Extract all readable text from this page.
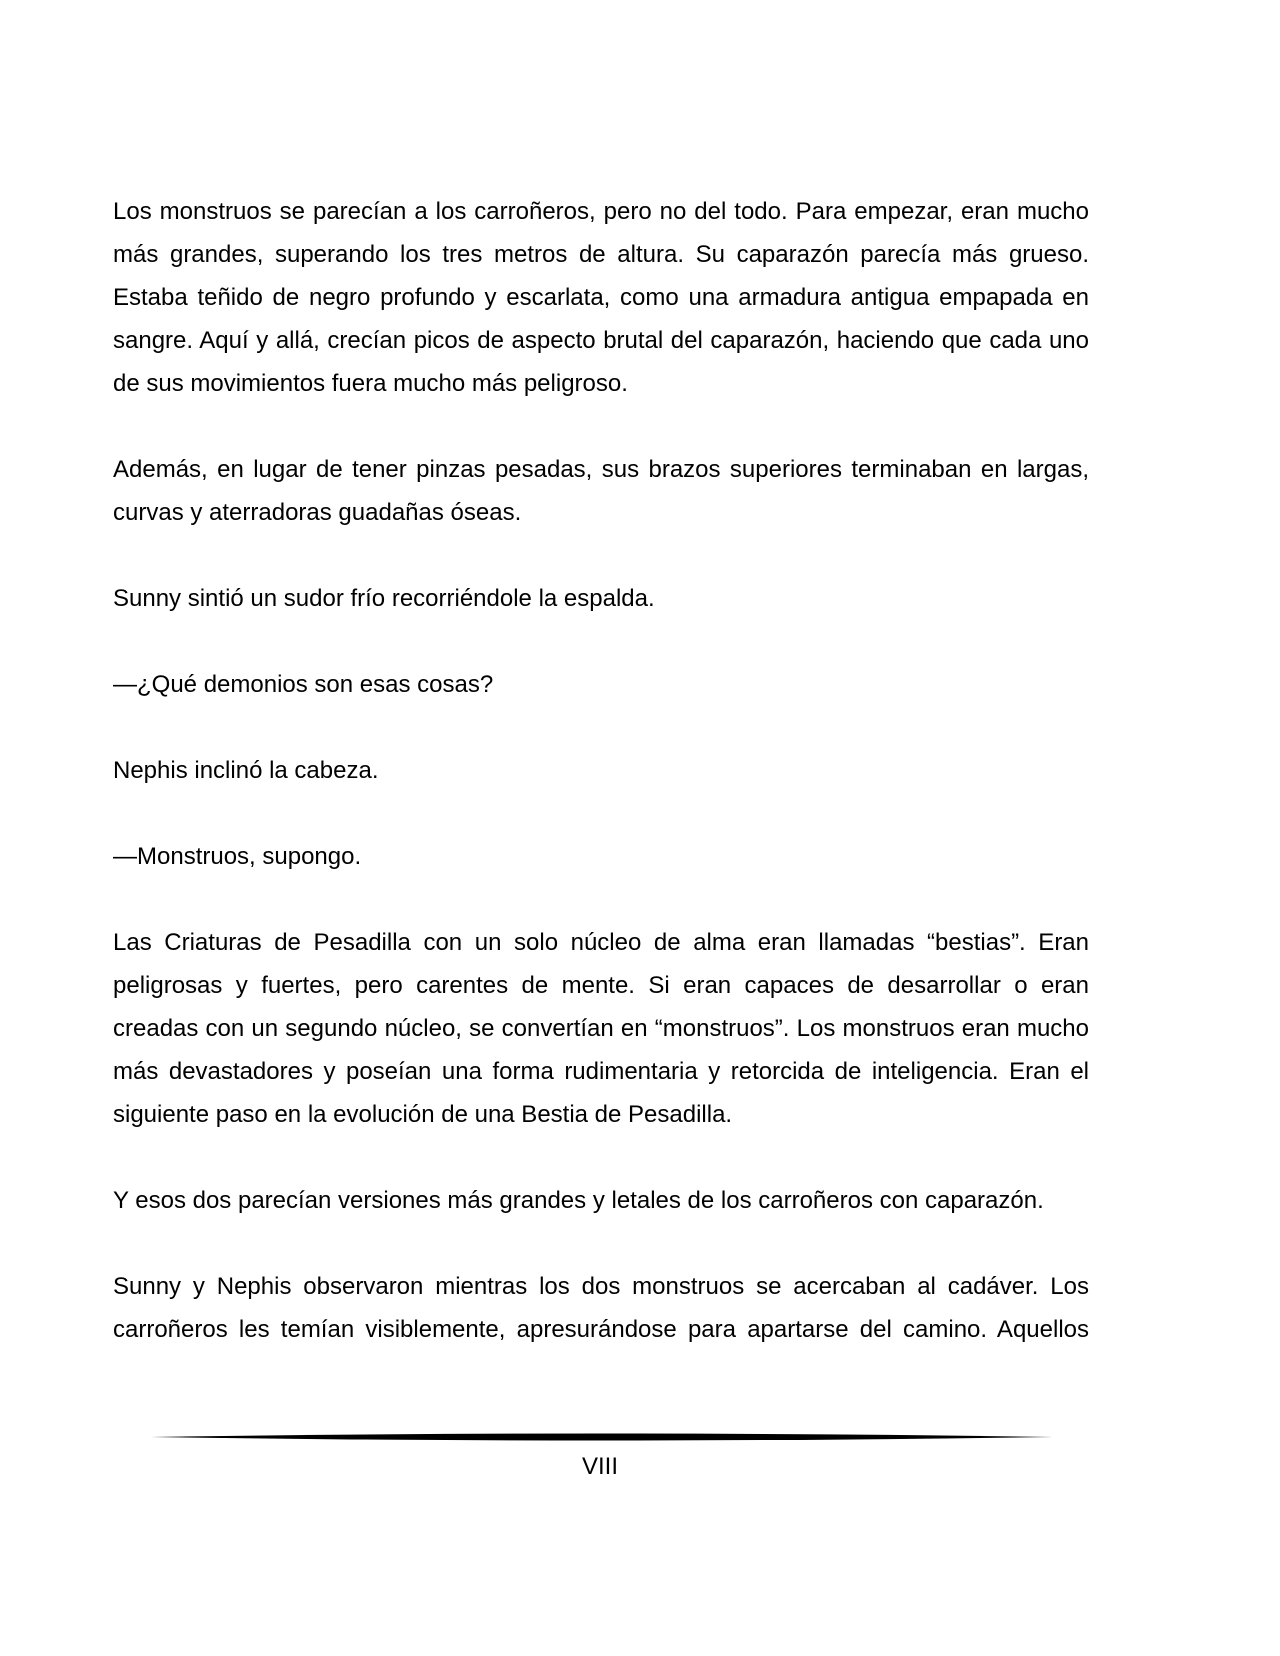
Los monstruos se parecían a los carroñeros, pero no del todo. Para empezar, eran mucho más grandes, superando los tres metros de altura. Su caparazón parecía más grueso. Estaba teñido de negro profundo y escarlata, como una armadura antigua empapada en sangre. Aquí y allá, crecían picos de aspecto brutal del caparazón, haciendo que cada uno de sus movimientos fuera mucho más peligroso.

Además, en lugar de tener pinzas pesadas, sus brazos superiores terminaban en largas, curvas y aterradoras guadañas óseas.

Sunny sintió un sudor frío recorriéndole la espalda.

—¿Qué demonios son esas cosas?

Nephis inclinó la cabeza.

—Monstruos, supongo.

Las Criaturas de Pesadilla con un solo núcleo de alma eran llamadas “bestias”. Eran peligrosas y fuertes, pero carentes de mente. Si eran capaces de desarrollar o eran creadas con un segundo núcleo, se convertían en “monstruos”. Los monstruos eran mucho más devastadores y poseían una forma rudimentaria y retorcida de inteligencia. Eran el siguiente paso en la evolución de una Bestia de Pesadilla.

Y esos dos parecían versiones más grandes y letales de los carroñeros con caparazón.

Sunny y Nephis observaron mientras los dos monstruos se acercaban al cadáver. Los carroñeros les temían visiblemente, apresurándose para apartarse del camino. Aquellos

VIII
